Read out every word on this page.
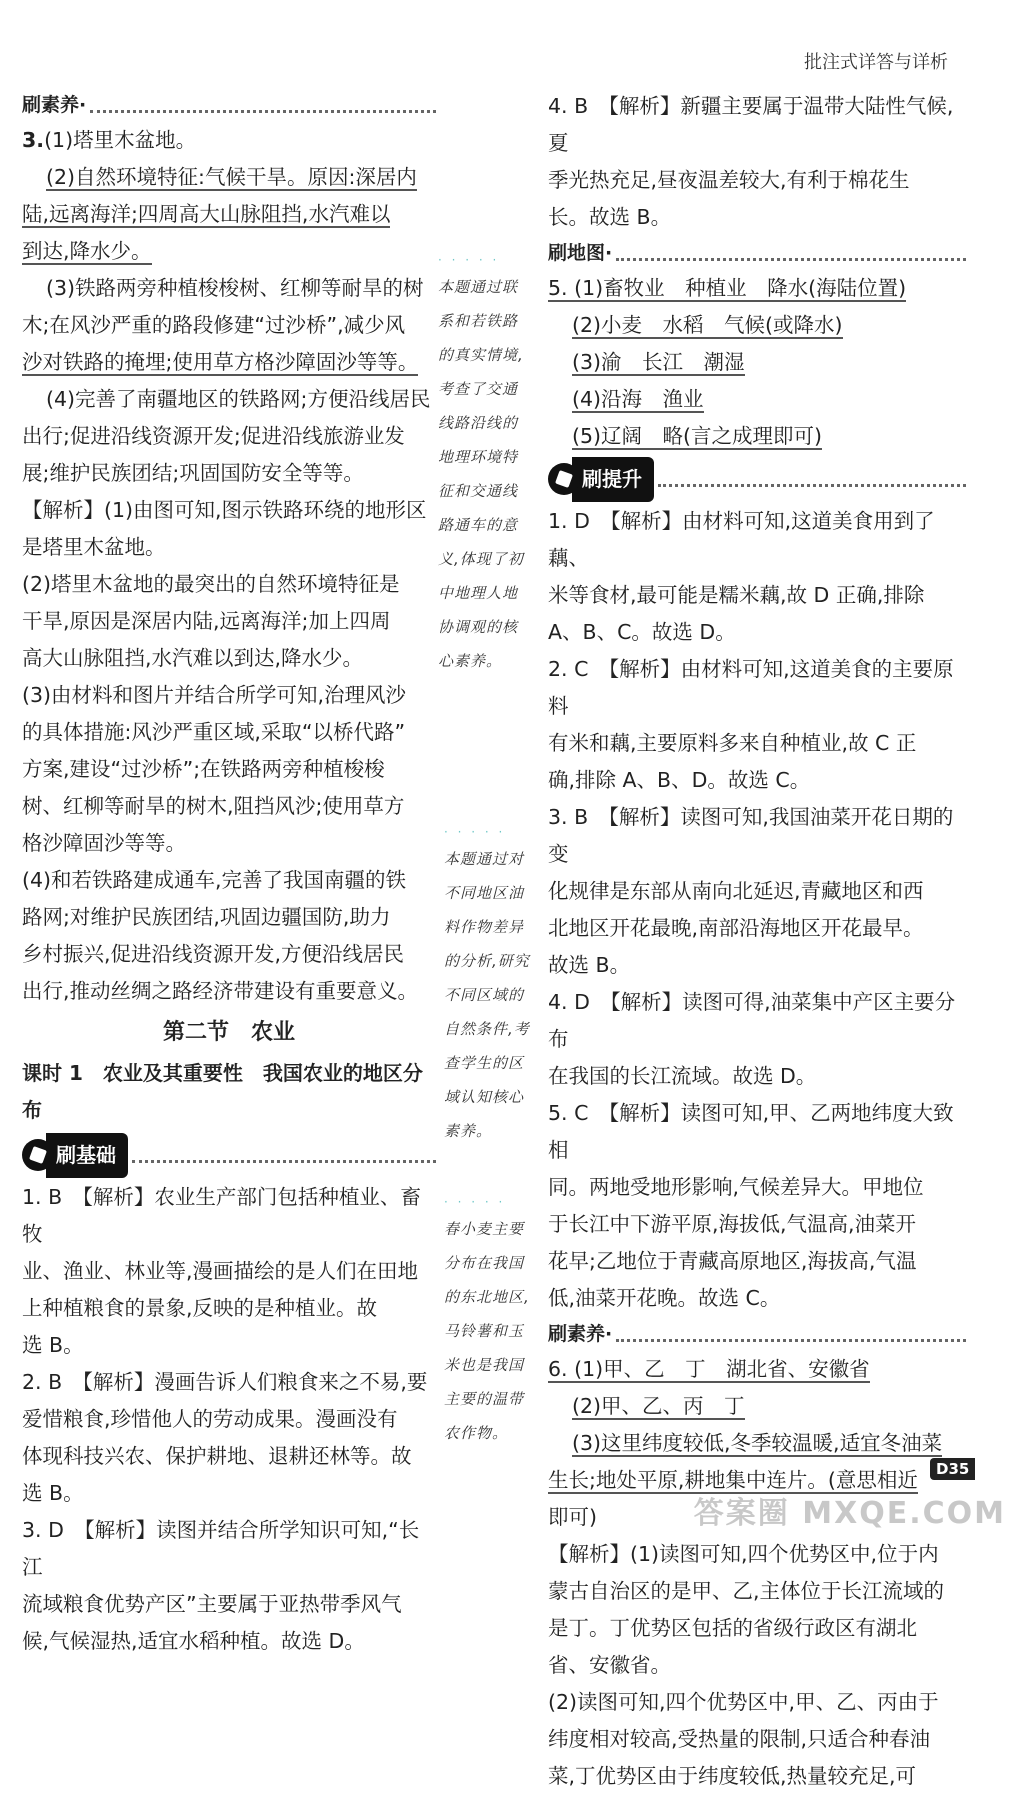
批注式详答与详析
刷素养·

3.(1)塔里木盆地。

(2)自然环境特征:气候干旱。原因:深居内

陆,远离海洋;四周高大山脉阻挡,水汽难以

到达,降水少。

(3)铁路两旁种植梭梭树、红柳等耐旱的树

木;在风沙严重的路段修建“过沙桥”,减少风

沙对铁路的掩埋;使用草方格沙障固沙等等。

(4)完善了南疆地区的铁路网;方便沿线居民

出行;促进沿线资源开发;促进沿线旅游业发

展;维护民族团结;巩固国防安全等等。

【解析】(1)由图可知,图示铁路环绕的地形区

是塔里木盆地。

(2)塔里木盆地的最突出的自然环境特征是

干旱,原因是深居内陆,远离海洋;加上四周

高大山脉阻挡,水汽难以到达,降水少。

(3)由材料和图片并结合所学可知,治理风沙

的具体措施:风沙严重区域,采取“以桥代路”

方案,建设“过沙桥”;在铁路两旁种植梭梭

树、红柳等耐旱的树木,阻挡风沙;使用草方

格沙障固沙等等。

(4)和若铁路建成通车,完善了我国南疆的铁

路网;对维护民族团结,巩固边疆国防,助力

乡村振兴,促进沿线资源开发,方便沿线居民

出行,推动丝绸之路经济带建设有重要意义。

第二节　农业
课时 1　农业及其重要性　我国农业的地区分布
刷基础

1. B　【解析】农业生产部门包括种植业、畜牧

业、渔业、林业等,漫画描绘的是人们在田地

上种植粮食的景象,反映的是种植业。故

选 B。

2. B　【解析】漫画告诉人们粮食来之不易,要

爱惜粮食,珍惜他人的劳动成果。漫画没有

体现科技兴农、保护耕地、退耕还林等。故

选 B。

3. D　【解析】读图并结合所学知识可知,“长江

流域粮食优势产区”主要属于亚热带季风气

候,气候湿热,适宜水稻种植。故选 D。

· · · · ·
本题通过联
系和若铁路
的真实情境,
考查了交通
线路沿线的
地理环境特
征和交通线
路通车的意
义,体现了初
中地理人地
协调观的核
心素养。
· · · · ·
本题通过对
不同地区油
料作物差异
的分析,研究
不同区域的
自然条件,考
查学生的区
域认知核心
素养。
· · · · ·
春小麦主要
分布在我国
的东北地区,
马铃薯和玉
米也是我国
主要的温带
农作物。

4. B　【解析】新疆主要属于温带大陆性气候,夏

季光热充足,昼夜温差较大,有利于棉花生

长。故选 B。

刷地图·

5. (1)畜牧业　种植业　降水(海陆位置)

(2)小麦　水稻　气候(或降水)

(3)渝　长江　潮湿

(4)沿海　渔业

(5)辽阔　略(言之成理即可)

刷提升

1. D　【解析】由材料可知,这道美食用到了藕、

米等食材,最可能是糯米藕,故 D 正确,排除

A、B、C。故选 D。

2. C　【解析】由材料可知,这道美食的主要原料

有米和藕,主要原料多来自种植业,故 C 正

确,排除 A、B、D。故选 C。

3. B　【解析】读图可知,我国油菜开花日期的变

化规律是东部从南向北延迟,青藏地区和西

北地区开花最晚,南部沿海地区开花最早。

故选 B。

4. D　【解析】读图可得,油菜集中产区主要分布

在我国的长江流域。故选 D。

5. C　【解析】读图可知,甲、乙两地纬度大致相

同。两地受地形影响,气候差异大。甲地位

于长江中下游平原,海拔低,气温高,油菜开

花早;乙地位于青藏高原地区,海拔高,气温

低,油菜开花晚。故选 C。

刷素养·

6. (1)甲、乙　丁　湖北省、安徽省

(2)甲、乙、丙　丁

(3)这里纬度较低,冬季较温暖,适宜冬油菜

生长;地处平原,耕地集中连片。(意思相近

即可)

【解析】(1)读图可知,四个优势区中,位于内

蒙古自治区的是甲、乙,主体位于长江流域的

是丁。丁优势区包括的省级行政区有湖北

省、安徽省。

(2)读图可知,四个优势区中,甲、乙、丙由于

纬度相对较高,受热量的限制,只适合种春油

菜,丁优势区由于纬度较低,热量较充足,可

D35
答案圈 MXQE.COM
